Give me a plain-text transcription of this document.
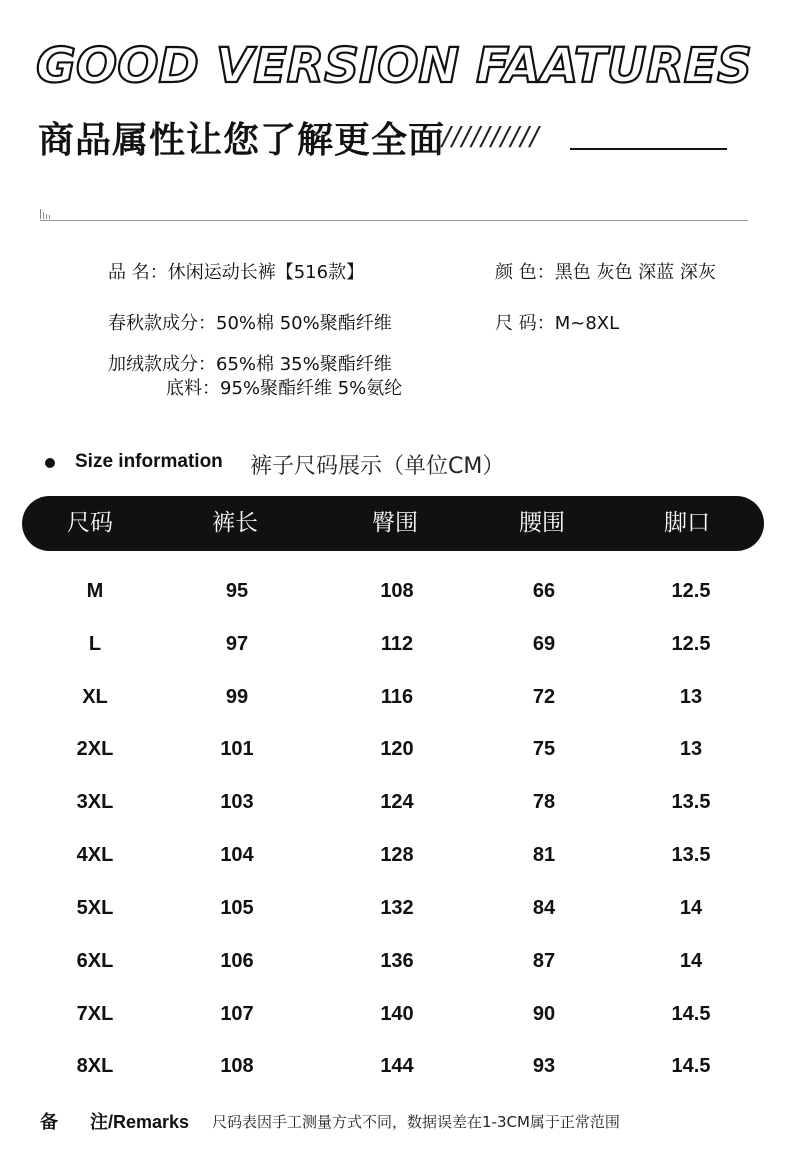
GOOD VERSION FAATURES
商品属性让您了解更全面
//////////
品 名：休闲运动长裤【516款】	颜 色：黑色 灰色 深蓝 深灰
春秋款成分：50%棉 50%聚酯纤维	尺 码：M~8XL
加绒款成分：65%棉 35%聚酯纤维
底料：95%聚酯纤维 5%氨纶
Size information 裤子尺码展示（单位CM）
尺码	裤长	臀围	腰围	脚口
M	95	108	66	12.5
L	97	112	69	12.5
XL	99	116	72	13
2XL	101	120	75	13
3XL	103	124	78	13.5
4XL	104	128	81	13.5
5XL	105	132	84	14
6XL	106	136	87	14
7XL	107	140	90	14.5
8XL	108	144	93	14.5
备 注/Remarks 尺码表因手工测量方式不同，数据误差在1-3CM属于正常范围
